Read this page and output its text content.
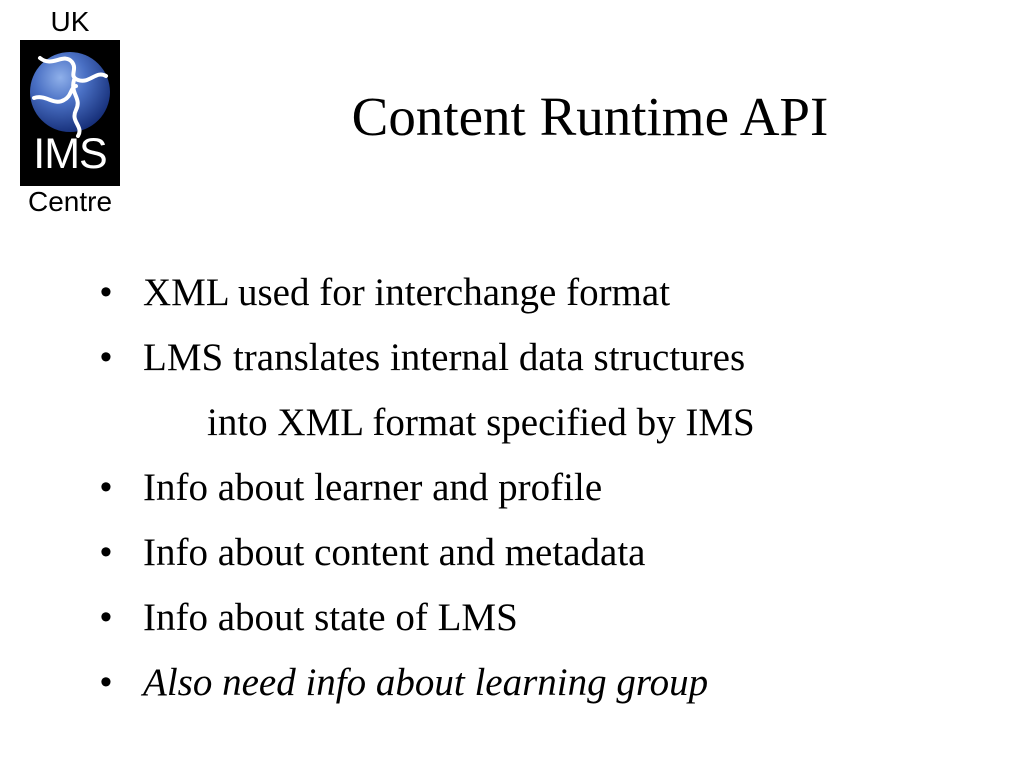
UK
IMS
Centre
Content Runtime API
• XML used for interchange format
• LMS translates internal data structures
into XML format specified by IMS
• Info about learner and profile
• Info about content and metadata
• Info about state of LMS
• Also need info about learning group
